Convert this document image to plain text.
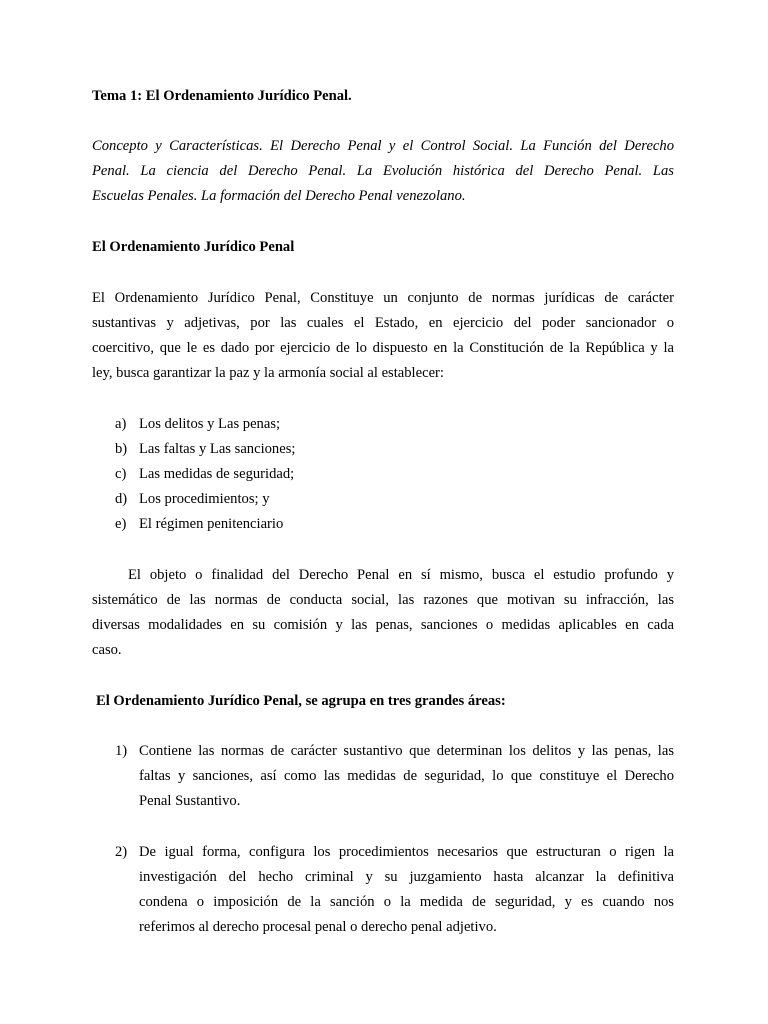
Tema 1: El Ordenamiento Jurídico Penal.
Concepto y Características. El Derecho Penal y el Control Social. La Función del Derecho
Penal. La ciencia del Derecho Penal. La Evolución histórica del Derecho Penal. Las
Escuelas Penales. La formación del Derecho Penal venezolano.
El Ordenamiento Jurídico Penal
El Ordenamiento Jurídico Penal, Constituye un conjunto de normas jurídicas de carácter
sustantivas y adjetivas, por las cuales el Estado, en ejercicio del poder sancionador o
coercitivo, que le es dado por ejercicio de lo dispuesto en la Constitución de la República y la
ley, busca garantizar la paz y la armonía social al establecer:
a) Los delitos y Las penas;
b) Las faltas y Las sanciones;
c) Las medidas de seguridad;
d) Los procedimientos; y
e) El régimen penitenciario
El objeto o finalidad del Derecho Penal en sí mismo, busca el estudio profundo y
sistemático de las normas de conducta social, las razones que motivan su infracción, las
diversas modalidades en su comisión y las penas, sanciones o medidas aplicables en cada
caso.
El Ordenamiento Jurídico Penal, se agrupa en tres grandes áreas:
1) Contiene las normas de carácter sustantivo que determinan los delitos y las penas, las
faltas y sanciones, así como las medidas de seguridad, lo que constituye el Derecho
Penal Sustantivo.
2) De igual forma, configura los procedimientos necesarios que estructuran o rigen la
investigación del hecho criminal y su juzgamiento hasta alcanzar la definitiva
condena o imposición de la sanción o la medida de seguridad, y es cuando nos
referimos al derecho procesal penal o derecho penal adjetivo.
